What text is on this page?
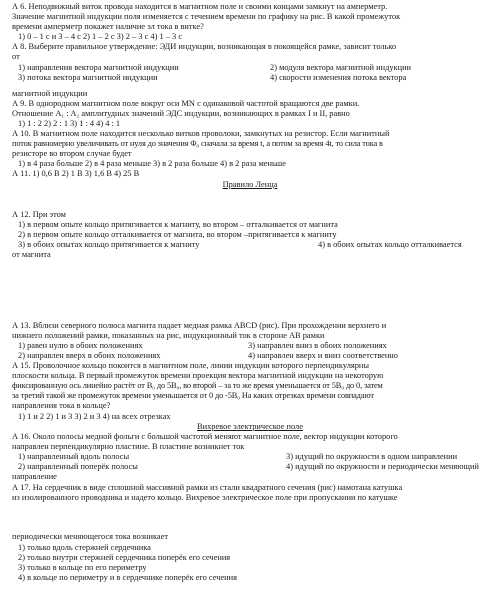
А 6. Неподвижный виток провода находится в магнитном поле и своими концами замкнут на амперметр.
Значение магнитной индукции поля изменяется с течением времени по графику на рис. В какой промежуток
времени амперметр покажет наличие эл тока в витке?
1) 0 – 1 с и 3 – 4 с 2) 1 – 2 с 3) 2 – 3 с 4) 1 – 3 с
А 8. Выберите правильное утверждение: ЭДИ индукции, возникающая в покоящейся рамке, зависит только
от
1) направления вектора магнитной индукции	2) модуля вектора магнитной индукции
3) потока вектора магнитной индукции	4) скорости изменения потока вектора
магнитной индукции
А 9. В однородном магнитном поле вокруг оси MN с одинаковой частотой вращаются две рамки.
Отношение A₁ : A₂ амплитудных значений ЭДС индукции, возникающих в рамках I и II, равно
1) 1 : 2 2) 2 : 1 3) 1 : 4 4) 4 : 1
А 10. В магнитном поле находится несколько витков проволоки, замкнутых на резистор. Если магнитный
поток равномерно увеличивать от нуля до значения Φ₀ сначала за время t, а потом за время 4t, то сила тока в
резисторе во втором случае будет
1) в 4 раза больше 2) в 4 раза меньше 3) в 2 раза больше 4) в 2 раза меньше
А 11. 1) 0,6 В 2) 1 В 3) 1,6 В 4) 25 В
Правило Ленца
А 12. При этом
1) в первом опыте кольцо притягивается к магниту, во втором – отталкивается от магнита
2) в первом опыте кольцо отталкивается от магнита, во втором –притягивается к магниту
3) в обоих опытах кольцо притягивается к магниту	4) в обоих опытах кольцо отталкивается
от магнита
А 13. Вблизи северного полюса магнита падает медная рамка ABCD (рис). При прохождении верхнего и
нижнего положений рамки, показанных на рис, индукционный ток в стороне АВ рамки
1) равен нулю в обоих положениях	3) направлен вниз в обоих положениях
2) направлен вверх в обоих положениях	4) направлен вверх и вниз соответственно
А 15. Проволочное кольцо покоится в магнитном поле, линии индукции которого перпендикулярны
плоскости кольца. В первый промежуток времени проекция вектора магнитной индукции на некоторую
фиксированную ось линейно растёт от B₀ до 5B₀, во второй – за то же время уменьшается от 5B₀ до 0, затем
за третий такой же промежуток времени уменьшается от 0 до -5B₀ На каких отрезках времени совпадают
направления тока в кольце?
1) 1 и 2 2) 1 и 3 3) 2 и 3 4) на всех отрезках
Вихревое электрическое поле
А 16. Около полосы медной фольги с большой частотой меняют магнитное поле, вектор индукции которого
направлен перпендикулярно пластине. В пластине возникнет ток
1) направленный вдоль полосы	3) идущий по окружности в одном направлении
2) направленный поперёк полосы	4) идущий по окружности и периодически меняющий
направление
А 17. На сердечник в виде сплошной массивной рамки из стали квадратного сечения (рис) намотана катушка
из изолированного проводника и надето кольцо. Вихревое электрическое поле при пропускании по катушке
периодически меняющегося тока возникает
1) только вдоль стержней сердечника
2) только внутри стержней сердечника поперёк его сечения
3) только в кольце по его периметру
4) в кольце по периметру и в сердечнике поперёк его сечения
